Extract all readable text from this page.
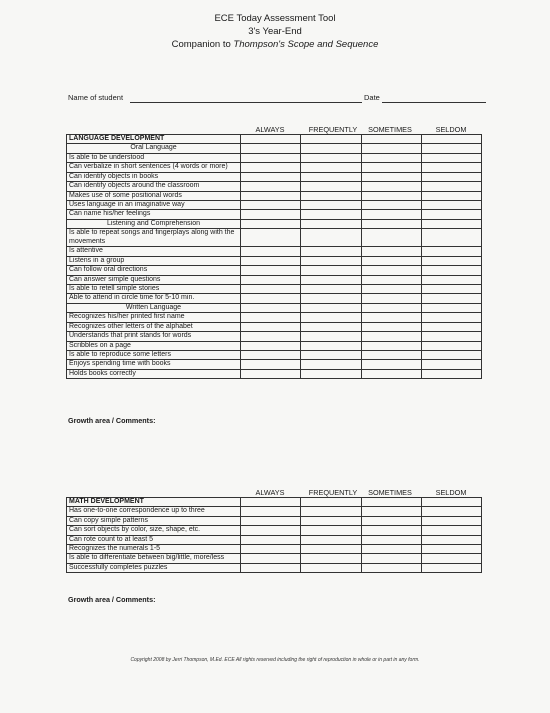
ECE Today Assessment Tool
3's Year-End
Companion to Thompson's Scope and Sequence
Name of student	Date
ALWAYS	FREQUENTLY	SOMETIMES	SELDOM
LANGUAGE DEVELOPMENT				
Oral Language				
Is able to be understood				
Can verbalize in short sentences (4 words or more)				
Can identify objects in books				
Can identify objects around the classroom				
Makes use of some positional words				
Uses language in an imaginative way				
Can name his/her feelings				
Listening and Comprehension				
Is able to repeat songs and fingerplays along with the movements				
Is attentive				
Listens in a group				
Can follow oral directions				
Can answer simple questions				
Is able to retell simple stories				
Able to attend in circle time for 5-10 min.				
Written Language				
Recognizes his/her printed first name				
Recognizes other letters of the alphabet				
Understands that print stands for words				
Scribbles on a page				
Is able to reproduce some letters				
Enjoys spending time with books				
Holds books correctly				
Growth area / Comments:
ALWAYS	FREQUENTLY	SOMETIMES	SELDOM
MATH DEVELOPMENT				
Has one-to-one correspondence up to three				
Can copy simple patterns				
Can sort objects by color, size, shape, etc.				
Can rote count to at least 5				
Recognizes the numerals 1-5				
Is able to differentiate between big/little, more/less				
Successfully completes puzzles				
Growth area / Comments:
Copyright 2008 by Jerri Thompson, M.Ed. ECE All rights reserved including the right of reproduction in whole or in part in any form.
